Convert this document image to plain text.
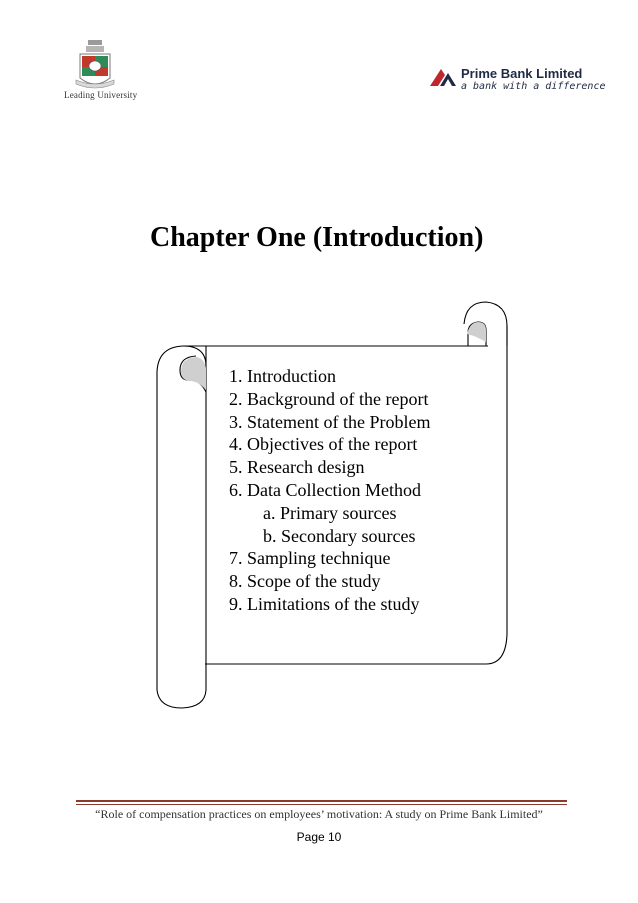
Leading University
Prime Bank Limited
a bank with a difference
Chapter One (Introduction)
1. Introduction
2. Background of the report
3. Statement of the Problem
4. Objectives of the report
5. Research design
6. Data Collection Method
a. Primary sources
b. Secondary sources
7. Sampling technique
8. Scope of the study
9. Limitations of the study
“Role of compensation practices on employees’ motivation: A study on Prime Bank Limited”
Page 10
